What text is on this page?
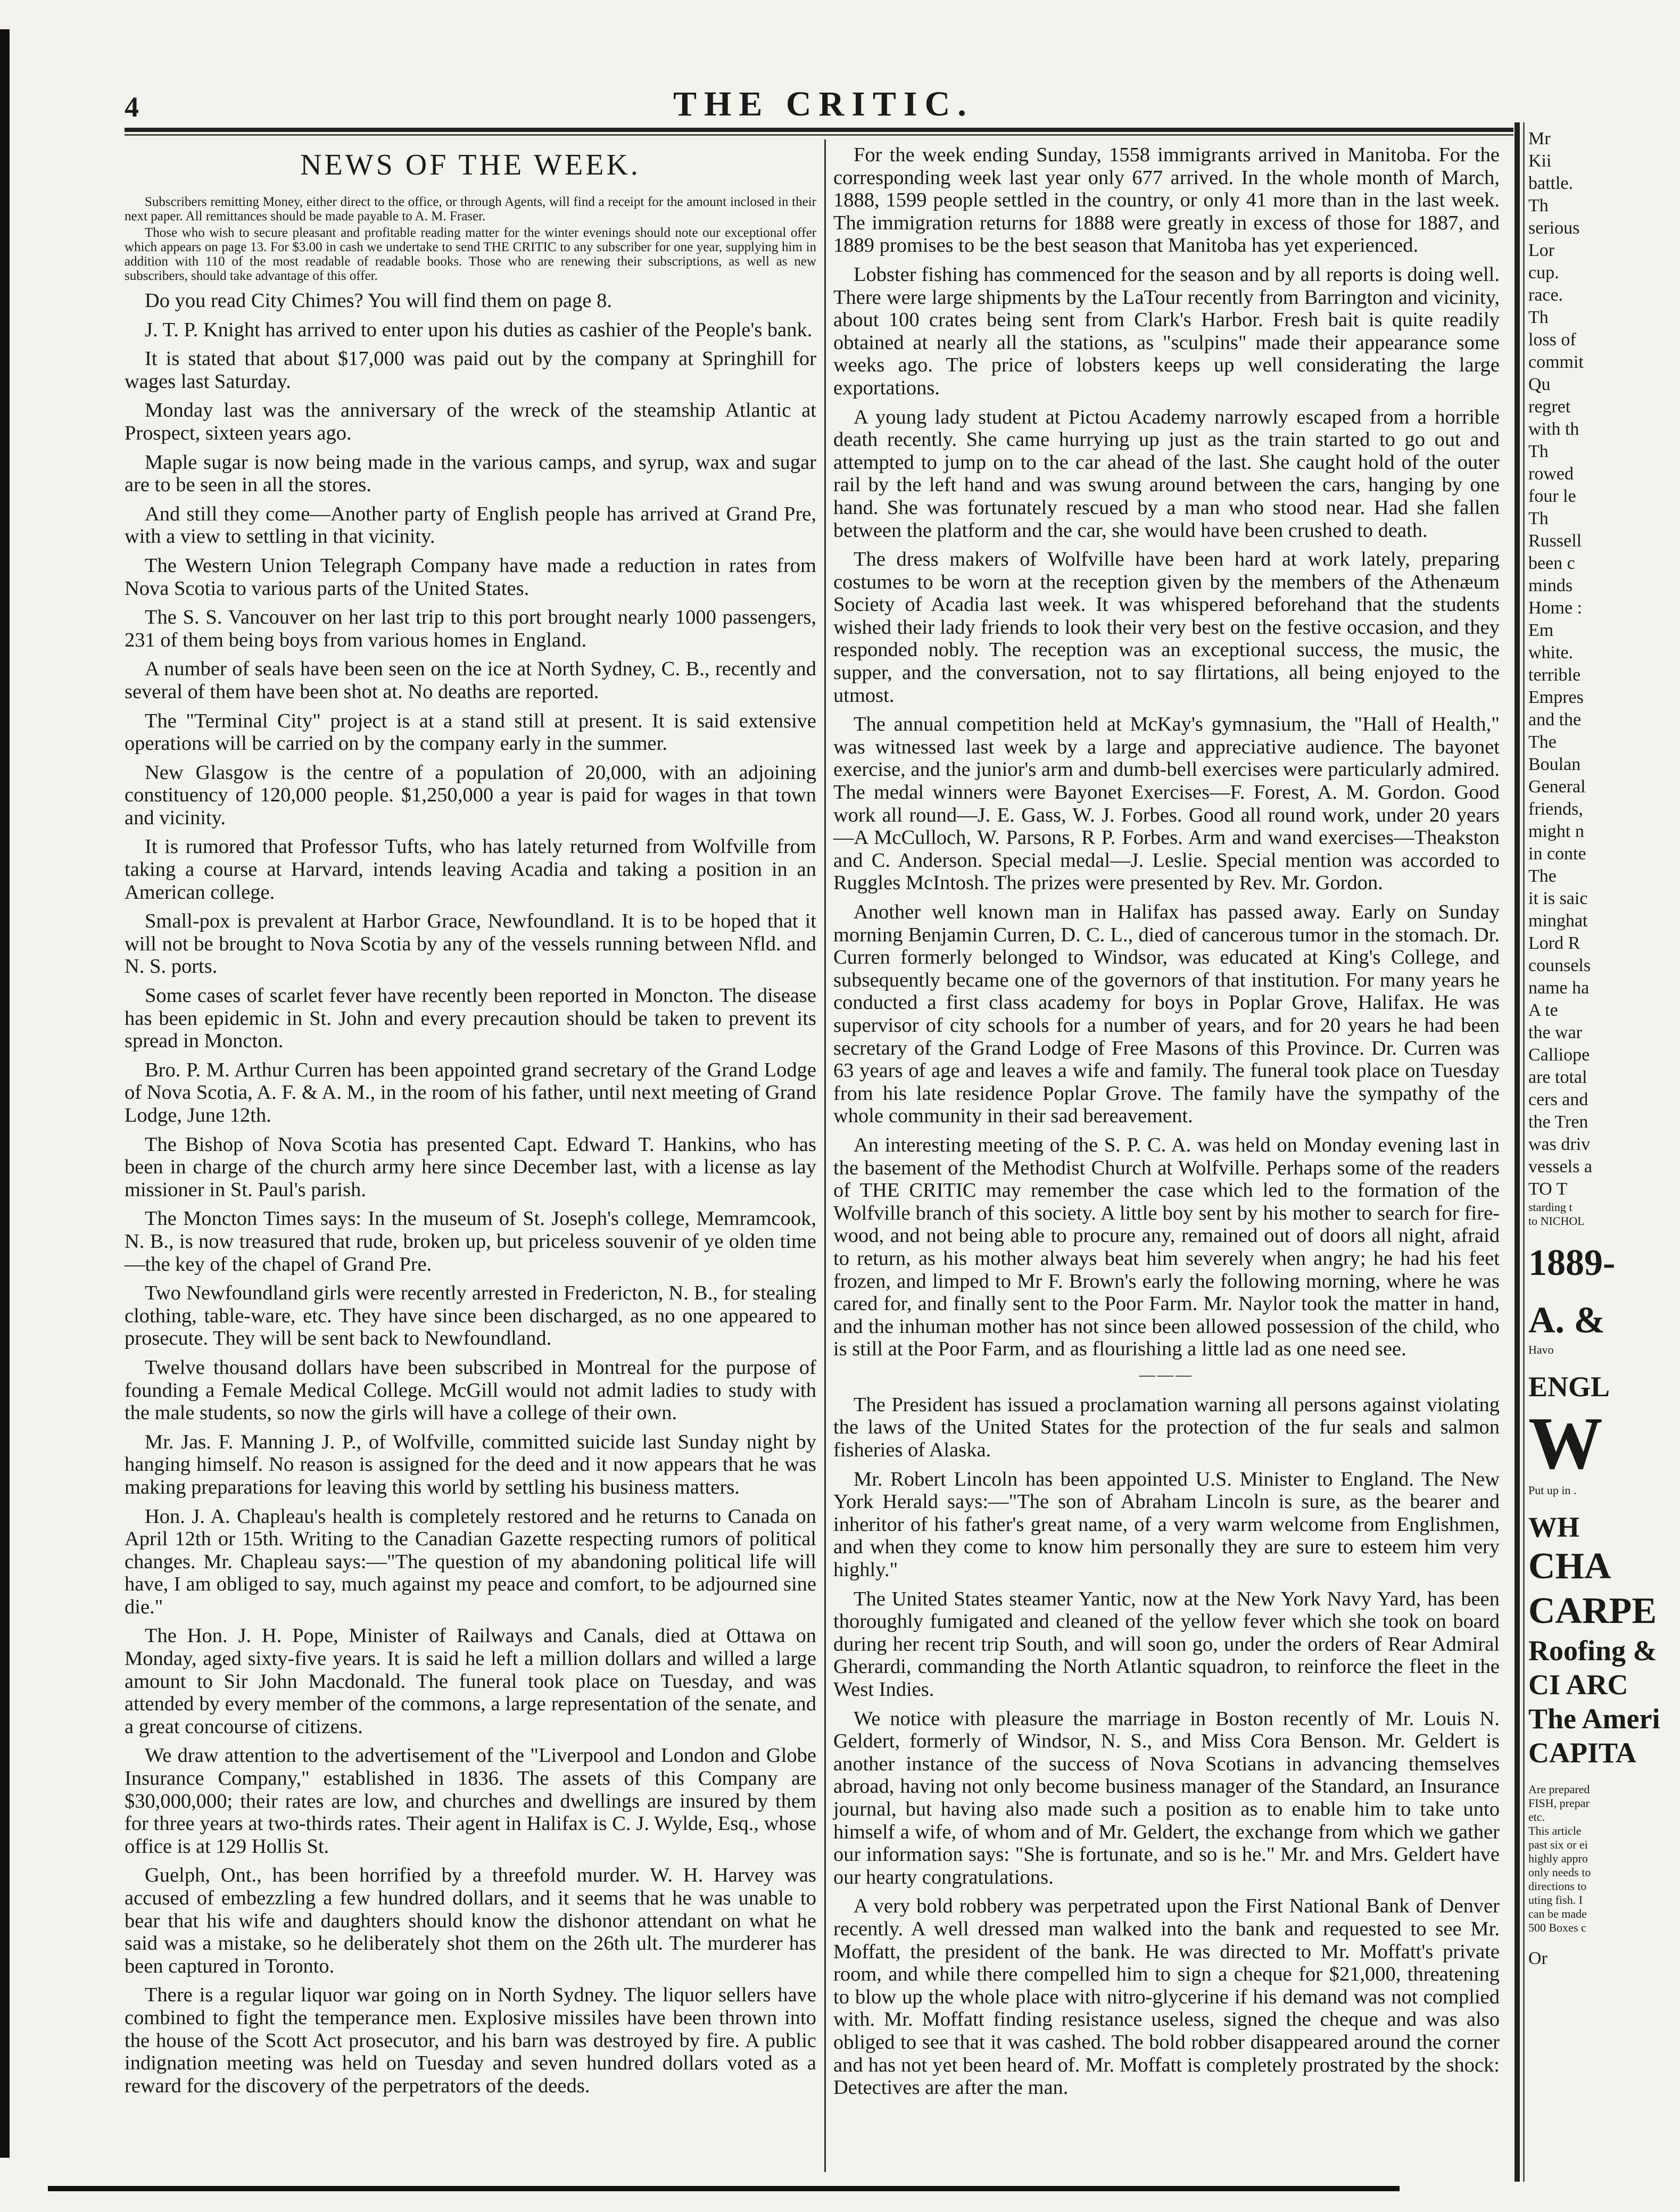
4	THE CRITIC.
NEWS OF THE WEEK.

Subscribers remitting Money, either direct to the office, or through Agents, will find a receipt for the amount inclosed in their next paper. All remittances should be made payable to A. M. Fraser.

Those who wish to secure pleasant and profitable reading matter for the winter evenings should note our exceptional offer which appears on page 13. For $3.00 in cash we undertake to send THE CRITIC to any subscriber for one year, supplying him in addition with 110 of the most readable of readable books. Those who are renewing their subscriptions, as well as new subscribers, should take advantage of this offer.

Do you read City Chimes? You will find them on page 8.

J. T. P. Knight has arrived to enter upon his duties as cashier of the People's bank.

It is stated that about $17,000 was paid out by the company at Springhill for wages last Saturday.

Monday last was the anniversary of the wreck of the steamship Atlantic at Prospect, sixteen years ago.

Maple sugar is now being made in the various camps, and syrup, wax and sugar are to be seen in all the stores.

And still they come—Another party of English people has arrived at Grand Pre, with a view to settling in that vicinity.

The Western Union Telegraph Company have made a reduction in rates from Nova Scotia to various parts of the United States.

The S. S. Vancouver on her last trip to this port brought nearly 1000 passengers, 231 of them being boys from various homes in England.

A number of seals have been seen on the ice at North Sydney, C. B., recently and several of them have been shot at. No deaths are reported.

The "Terminal City" project is at a stand still at present. It is said extensive operations will be carried on by the company early in the summer.

New Glasgow is the centre of a population of 20,000, with an adjoining constituency of 120,000 people. $1,250,000 a year is paid for wages in that town and vicinity.

It is rumored that Professor Tufts, who has lately returned from Wolfville from taking a course at Harvard, intends leaving Acadia and taking a position in an American college.

Small-pox is prevalent at Harbor Grace, Newfoundland. It is to be hoped that it will not be brought to Nova Scotia by any of the vessels running between Nfld. and N. S. ports.

Some cases of scarlet fever have recently been reported in Moncton. The disease has been epidemic in St. John and every precaution should be taken to prevent its spread in Moncton.

Bro. P. M. Arthur Curren has been appointed grand secretary of the Grand Lodge of Nova Scotia, A. F. & A. M., in the room of his father, until next meeting of Grand Lodge, June 12th.

The Bishop of Nova Scotia has presented Capt. Edward T. Hankins, who has been in charge of the church army here since December last, with a license as lay missioner in St. Paul's parish.

The Moncton Times says: In the museum of St. Joseph's college, Memramcook, N. B., is now treasured that rude, broken up, but priceless souvenir of ye olden time—the key of the chapel of Grand Pre.

Two Newfoundland girls were recently arrested in Fredericton, N. B., for stealing clothing, table-ware, etc. They have since been discharged, as no one appeared to prosecute. They will be sent back to Newfoundland.

Twelve thousand dollars have been subscribed in Montreal for the purpose of founding a Female Medical College. McGill would not admit ladies to study with the male students, so now the girls will have a college of their own.

Mr. Jas. F. Manning J. P., of Wolfville, committed suicide last Sunday night by hanging himself. No reason is assigned for the deed and it now appears that he was making preparations for leaving this world by settling his business matters.

Hon. J. A. Chapleau's health is completely restored and he returns to Canada on April 12th or 15th. Writing to the Canadian Gazette respecting rumors of political changes. Mr. Chapleau says:—"The question of my abandoning political life will have, I am obliged to say, much against my peace and comfort, to be adjourned sine die."

The Hon. J. H. Pope, Minister of Railways and Canals, died at Ottawa on Monday, aged sixty-five years. It is said he left a million dollars and willed a large amount to Sir John Macdonald. The funeral took place on Tuesday, and was attended by every member of the commons, a large representation of the senate, and a great concourse of citizens.

We draw attention to the advertisement of the "Liverpool and London and Globe Insurance Company," established in 1836. The assets of this Company are $30,000,000; their rates are low, and churches and dwellings are insured by them for three years at two-thirds rates. Their agent in Halifax is C. J. Wylde, Esq., whose office is at 129 Hollis St.

Guelph, Ont., has been horrified by a threefold murder. W. H. Harvey was accused of embezzling a few hundred dollars, and it seems that he was unable to bear that his wife and daughters should know the dishonor attendant on what he said was a mistake, so he deliberately shot them on the 26th ult. The murderer has been captured in Toronto.

There is a regular liquor war going on in North Sydney. The liquor sellers have combined to fight the temperance men. Explosive missiles have been thrown into the house of the Scott Act prosecutor, and his barn was destroyed by fire. A public indignation meeting was held on Tuesday and seven hundred dollars voted as a reward for the discovery of the perpetrators of the deeds.

For the week ending Sunday, 1558 immigrants arrived in Manitoba. For the corresponding week last year only 677 arrived. In the whole month of March, 1888, 1599 people settled in the country, or only 41 more than in the last week. The immigration returns for 1888 were greatly in excess of those for 1887, and 1889 promises to be the best season that Manitoba has yet experienced.

Lobster fishing has commenced for the season and by all reports is doing well. There were large shipments by the LaTour recently from Barrington and vicinity, about 100 crates being sent from Clark's Harbor. Fresh bait is quite readily obtained at nearly all the stations, as "sculpins" made their appearance some weeks ago. The price of lobsters keeps up well considerating the large exportations.

A young lady student at Pictou Academy narrowly escaped from a horrible death recently. She came hurrying up just as the train started to go out and attempted to jump on to the car ahead of the last. She caught hold of the outer rail by the left hand and was swung around between the cars, hanging by one hand. She was fortunately rescued by a man who stood near. Had she fallen between the platform and the car, she would have been crushed to death.

The dress makers of Wolfville have been hard at work lately, preparing costumes to be worn at the reception given by the members of the Athenæum Society of Acadia last week. It was whispered beforehand that the students wished their lady friends to look their very best on the festive occasion, and they responded nobly. The reception was an exceptional success, the music, the supper, and the conversation, not to say flirtations, all being enjoyed to the utmost.

The annual competition held at McKay's gymnasium, the "Hall of Health," was witnessed last week by a large and appreciative audience. The bayonet exercise, and the junior's arm and dumb-bell exercises were particularly admired. The medal winners were Bayonet Exercises—F. Forest, A. M. Gordon. Good work all round—J. E. Gass, W. J. Forbes. Good all round work, under 20 years—A McCulloch, W. Parsons, R P. Forbes. Arm and wand exercises—Theakston and C. Anderson. Special medal—J. Leslie. Special mention was accorded to Ruggles McIntosh. The prizes were presented by Rev. Mr. Gordon.

Another well known man in Halifax has passed away. Early on Sunday morning Benjamin Curren, D. C. L., died of cancerous tumor in the stomach. Dr. Curren formerly belonged to Windsor, was educated at King's College, and subsequently became one of the governors of that institution. For many years he conducted a first class academy for boys in Poplar Grove, Halifax. He was supervisor of city schools for a number of years, and for 20 years he had been secretary of the Grand Lodge of Free Masons of this Province. Dr. Curren was 63 years of age and leaves a wife and family. The funeral took place on Tuesday from his late residence Poplar Grove. The family have the sympathy of the whole community in their sad bereavement.

An interesting meeting of the S. P. C. A. was held on Monday evening last in the basement of the Methodist Church at Wolfville. Perhaps some of the readers of THE CRITIC may remember the case which led to the formation of the Wolfville branch of this society. A little boy sent by his mother to search for fire-wood, and not being able to procure any, remained out of doors all night, afraid to return, as his mother always beat him severely when angry; he had his feet frozen, and limped to Mr F. Brown's early the following morning, where he was cared for, and finally sent to the Poor Farm. Mr. Naylor took the matter in hand, and the inhuman mother has not since been allowed possession of the child, who is still at the Poor Farm, and as flourishing a little lad as one need see.

———

The President has issued a proclamation warning all persons against violating the laws of the United States for the protection of the fur seals and salmon fisheries of Alaska.

Mr. Robert Lincoln has been appointed U.S. Minister to England. The New York Herald says:—"The son of Abraham Lincoln is sure, as the bearer and inheritor of his father's great name, of a very warm welcome from Englishmen, and when they come to know him personally they are sure to esteem him very highly."

The United States steamer Yantic, now at the New York Navy Yard, has been thoroughly fumigated and cleaned of the yellow fever which she took on board during her recent trip South, and will soon go, under the orders of Rear Admiral Gherardi, commanding the North Atlantic squadron, to reinforce the fleet in the West Indies.

We notice with pleasure the marriage in Boston recently of Mr. Louis N. Geldert, formerly of Windsor, N. S., and Miss Cora Benson. Mr. Geldert is another instance of the success of Nova Scotians in advancing themselves abroad, having not only become business manager of the Standard, an Insurance journal, but having also made such a position as to enable him to take unto himself a wife, of whom and of Mr. Geldert, the exchange from which we gather our information says: "She is fortunate, and so is he." Mr. and Mrs. Geldert have our hearty congratulations.

A very bold robbery was perpetrated upon the First National Bank of Denver recently. A well dressed man walked into the bank and requested to see Mr. Moffatt, the president of the bank. He was directed to Mr. Moffatt's private room, and while there compelled him to sign a cheque for $21,000, threatening to blow up the whole place with nitro-glycerine if his demand was not complied with. Mr. Moffatt finding resistance useless, signed the cheque and was also obliged to see that it was cashed. The bold robber disappeared around the corner and has not yet been heard of. Mr. Moffatt is completely prostrated by the shock: Detectives are after the man.

Mr
Kii
battle.
Th
serious
Lor
cup.
race.
Th
loss of
commit
Qu
regret
with th
Th
rowed
four le
Th
Russell
been c
minds
Home :
Em
white.
terrible
Empres
and the
The
Boulan
General
friends,
might n
in conte
The
it is saic
minghat
Lord R
counsels
name ha
A te
the war
Calliope
are total
cers and
the Tren
was driv
vessels a
TO T
starding t
to NICHOL
1889-
A. &
Havo
ENGL
W
Put up in .
WH
CHA
CARPE
Roofing &
CI ARC
The Ameri
CAPITA
Are prepared
FISH, prepar
etc.
This article
past six or ei
highly appro
only needs to
directions to
uting fish. I
can be made
500 Boxes c
Or
